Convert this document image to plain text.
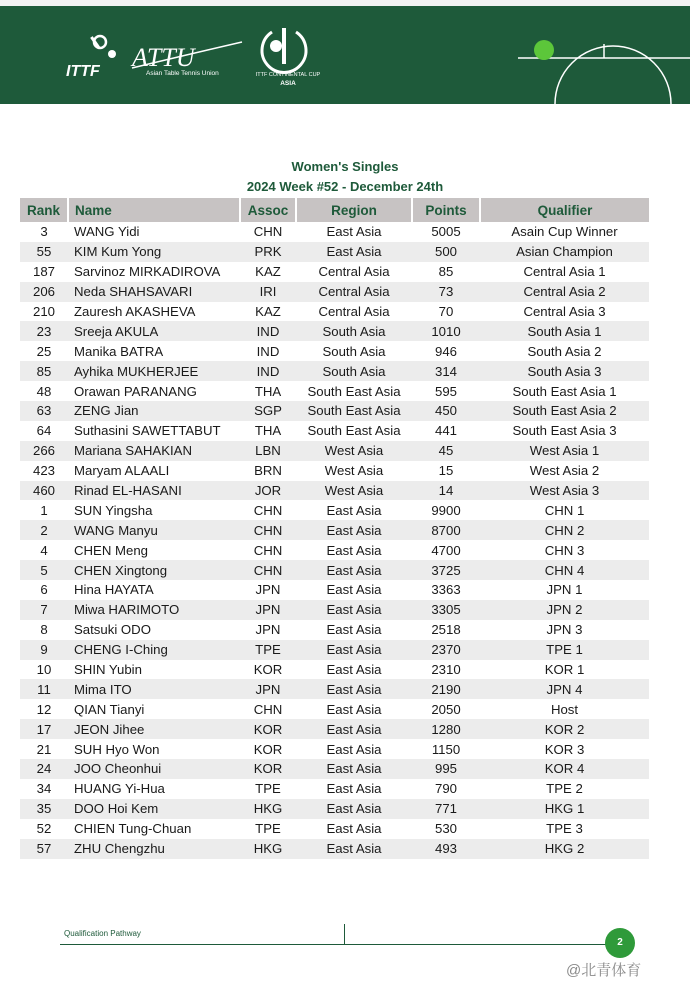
ITTF ATTU
Asian Table Tennis Union	ITTF CONTINENTAL CUP
ASIA
Women's Singles
2024 Week #52 - December 24th
Rank	Name	Assoc	Region	Points	Qualifier
3	WANG Yidi	CHN	East Asia	5005	Asain Cup Winner
55	KIM Kum Yong	PRK	East Asia	500	Asian Champion
187	Sarvinoz MIRKADIROVA	KAZ	Central Asia	85	Central Asia 1
206	Neda SHAHSAVARI	IRI	Central Asia	73	Central Asia 2
210	Zauresh AKASHEVA	KAZ	Central Asia	70	Central Asia 3
23	Sreeja AKULA	IND	South Asia	1010	South Asia 1
25	Manika BATRA	IND	South Asia	946	South Asia 2
85	Ayhika MUKHERJEE	IND	South Asia	314	South Asia 3
48	Orawan PARANANG	THA	South East Asia	595	South East Asia 1
63	ZENG Jian	SGP	South East Asia	450	South East Asia 2
64	Suthasini SAWETTABUT	THA	South East Asia	441	South East Asia 3
266	Mariana SAHAKIAN	LBN	West Asia	45	West Asia 1
423	Maryam ALAALI	BRN	West Asia	15	West Asia 2
460	Rinad EL-HASANI	JOR	West Asia	14	West Asia 3
1	SUN Yingsha	CHN	East Asia	9900	CHN 1
2	WANG Manyu	CHN	East Asia	8700	CHN 2
4	CHEN Meng	CHN	East Asia	4700	CHN 3
5	CHEN Xingtong	CHN	East Asia	3725	CHN 4
6	Hina HAYATA	JPN	East Asia	3363	JPN 1
7	Miwa HARIMOTO	JPN	East Asia	3305	JPN 2
8	Satsuki ODO	JPN	East Asia	2518	JPN 3
9	CHENG I-Ching	TPE	East Asia	2370	TPE 1
10	SHIN Yubin	KOR	East Asia	2310	KOR 1
11	Mima ITO	JPN	East Asia	2190	JPN 4
12	QIAN Tianyi	CHN	East Asia	2050	Host
17	JEON Jihee	KOR	East Asia	1280	KOR 2
21	SUH Hyo Won	KOR	East Asia	1150	KOR 3
24	JOO Cheonhui	KOR	East Asia	995	KOR 4
34	HUANG Yi-Hua	TPE	East Asia	790	TPE 2
35	DOO Hoi Kem	HKG	East Asia	771	HKG 1
52	CHIEN Tung-Chuan	TPE	East Asia	530	TPE 3
57	ZHU Chengzhu	HKG	East Asia	493	HKG 2
Qualification Pathway
2
@北青体育
